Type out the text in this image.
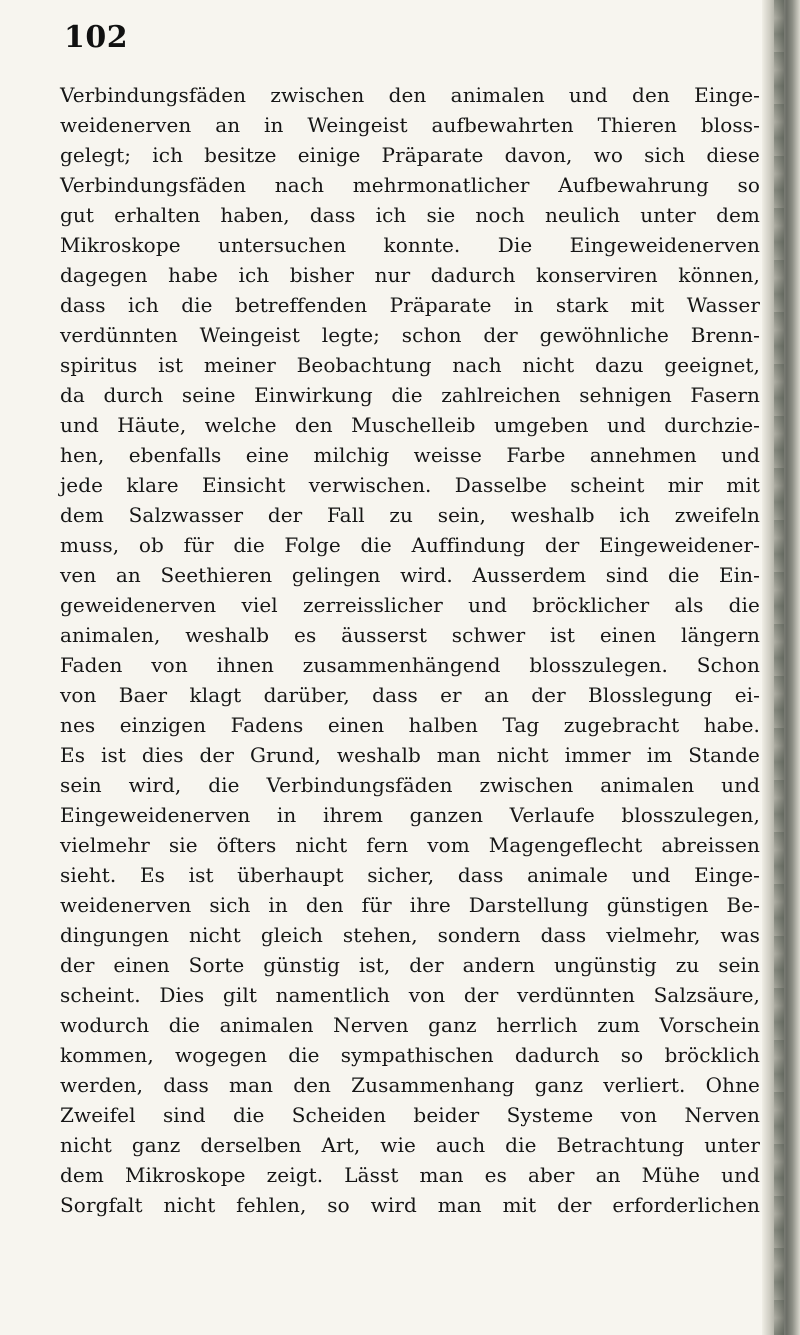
102
Verbindungsfäden zwischen den animalen und den Einge-
weidenerven an in Weingeist aufbewahrten Thieren bloss-
gelegt; ich besitze einige Präparate davon, wo sich diese
Verbindungsfäden nach mehrmonatlicher Aufbewahrung so
gut erhalten haben, dass ich sie noch neulich unter dem
Mikroskope untersuchen konnte. Die Eingeweidenerven
dagegen habe ich bisher nur dadurch konserviren können,
dass ich die betreffenden Präparate in stark mit Wasser
verdünnten Weingeist legte; schon der gewöhnliche Brenn-
spiritus ist meiner Beobachtung nach nicht dazu geeignet,
da durch seine Einwirkung die zahlreichen sehnigen Fasern
und Häute, welche den Muschelleib umgeben und durchzie-
hen, ebenfalls eine milchig weisse Farbe annehmen und
jede klare Einsicht verwischen. Dasselbe scheint mir mit
dem Salzwasser der Fall zu sein, weshalb ich zweifeln
muss, ob für die Folge die Auffindung der Eingeweidener-
ven an Seethieren gelingen wird. Ausserdem sind die Ein-
geweidenerven viel zerreisslicher und bröcklicher als die
animalen, weshalb es äusserst schwer ist einen längern
Faden von ihnen zusammenhängend blosszulegen. Schon
von Baer klagt darüber, dass er an der Blosslegung ei-
nes einzigen Fadens einen halben Tag zugebracht habe.
Es ist dies der Grund, weshalb man nicht immer im Stande
sein wird, die Verbindungsfäden zwischen animalen und
Eingeweidenerven in ihrem ganzen Verlaufe blosszulegen,
vielmehr sie öfters nicht fern vom Magengeflecht abreissen
sieht. Es ist überhaupt sicher, dass animale und Einge-
weidenerven sich in den für ihre Darstellung günstigen Be-
dingungen nicht gleich stehen, sondern dass vielmehr, was
der einen Sorte günstig ist, der andern ungünstig zu sein
scheint. Dies gilt namentlich von der verdünnten Salzsäure,
wodurch die animalen Nerven ganz herrlich zum Vorschein
kommen, wogegen die sympathischen dadurch so bröcklich
werden, dass man den Zusammenhang ganz verliert. Ohne
Zweifel sind die Scheiden beider Systeme von Nerven
nicht ganz derselben Art, wie auch die Betrachtung unter
dem Mikroskope zeigt. Lässt man es aber an Mühe und
Sorgfalt nicht fehlen, so wird man mit der erforderlichen
